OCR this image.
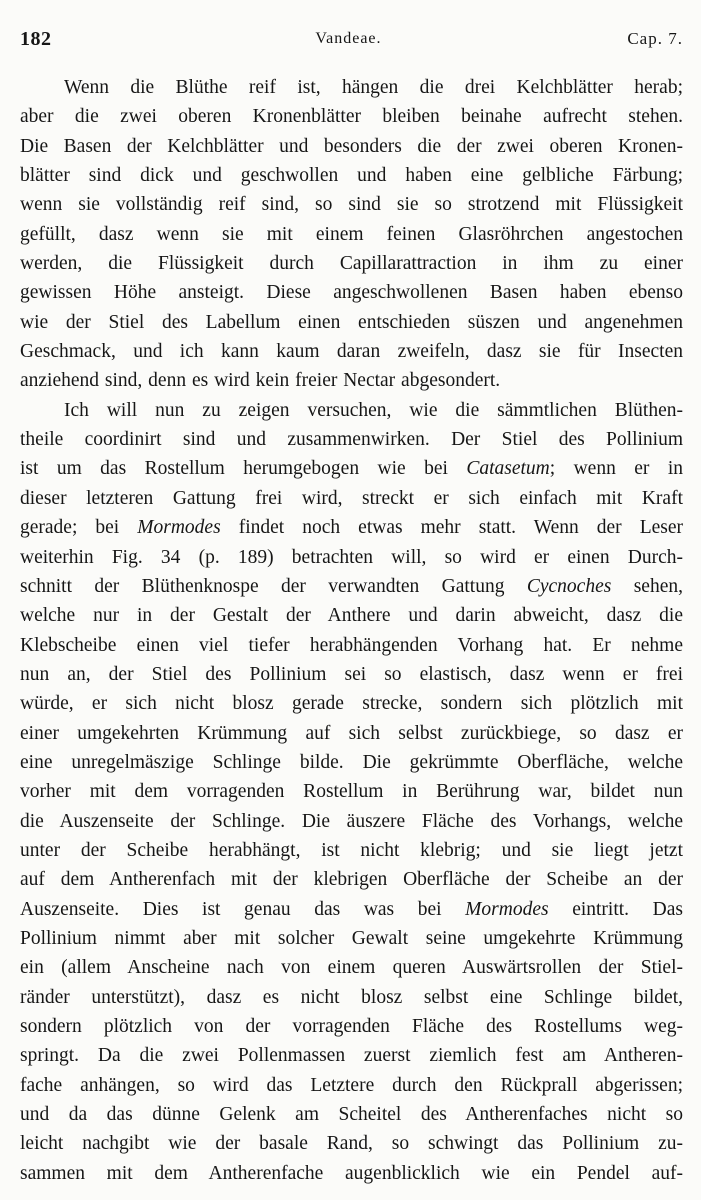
182	Vandeae.	Cap. 7.
Wenn die Blüthe reif ist, hängen die drei Kelchblätter herab;
aber die zwei oberen Kronenblätter bleiben beinahe aufrecht stehen.
Die Basen der Kelchblätter und besonders die der zwei oberen Kronen-
blätter sind dick und geschwollen und haben eine gelbliche Färbung;
wenn sie vollständig reif sind, so sind sie so strotzend mit Flüssigkeit
gefüllt, dasz wenn sie mit einem feinen Glasröhrchen angestochen
werden, die Flüssigkeit durch Capillarattraction in ihm zu einer
gewissen Höhe ansteigt. Diese angeschwollenen Basen haben ebenso
wie der Stiel des Labellum einen entschieden süszen und angenehmen
Geschmack, und ich kann kaum daran zweifeln, dasz sie für Insecten
anziehend sind, denn es wird kein freier Nectar abgesondert.
Ich will nun zu zeigen versuchen, wie die sämmtlichen Blüthen-
theile coordinirt sind und zusammenwirken. Der Stiel des Pollinium
ist um das Rostellum herumgebogen wie bei Catasetum; wenn er in
dieser letzteren Gattung frei wird, streckt er sich einfach mit Kraft
gerade; bei Mormodes findet noch etwas mehr statt. Wenn der Leser
weiterhin Fig. 34 (p. 189) betrachten will, so wird er einen Durch-
schnitt der Blüthenknospe der verwandten Gattung Cycnoches sehen,
welche nur in der Gestalt der Anthere und darin abweicht, dasz die
Klebscheibe einen viel tiefer herabhängenden Vorhang hat. Er nehme
nun an, der Stiel des Pollinium sei so elastisch, dasz wenn er frei
würde, er sich nicht blosz gerade strecke, sondern sich plötzlich mit
einer umgekehrten Krümmung auf sich selbst zurückbiege, so dasz er
eine unregelmäszige Schlinge bilde. Die gekrümmte Oberfläche, welche
vorher mit dem vorragenden Rostellum in Berührung war, bildet nun
die Auszenseite der Schlinge. Die äuszere Fläche des Vorhangs, welche
unter der Scheibe herabhängt, ist nicht klebrig; und sie liegt jetzt
auf dem Antherenfach mit der klebrigen Oberfläche der Scheibe an der
Auszenseite. Dies ist genau das was bei Mormodes eintritt. Das
Pollinium nimmt aber mit solcher Gewalt seine umgekehrte Krümmung
ein (allem Anscheine nach von einem queren Auswärtsrollen der Stiel-
ränder unterstützt), dasz es nicht blosz selbst eine Schlinge bildet,
sondern plötzlich von der vorragenden Fläche des Rostellums weg-
springt. Da die zwei Pollenmassen zuerst ziemlich fest am Antheren-
fache anhängen, so wird das Letztere durch den Rückprall abgerissen;
und da das dünne Gelenk am Scheitel des Antherenfaches nicht so
leicht nachgibt wie der basale Rand, so schwingt das Pollinium zu-
sammen mit dem Antherenfache augenblicklich wie ein Pendel auf-
